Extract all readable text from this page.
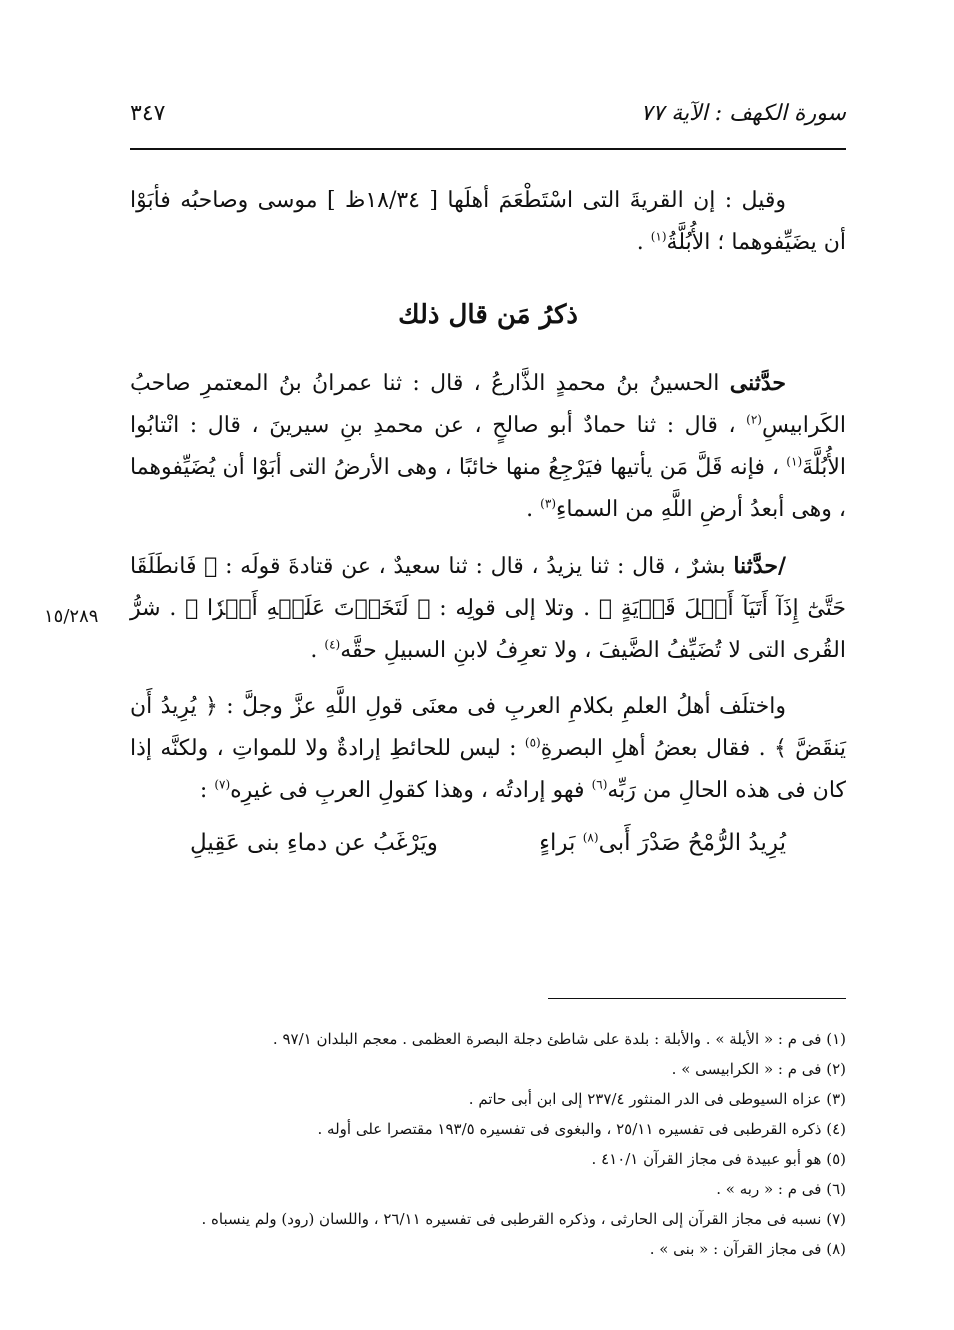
سورة الكهف : الآية ٧٧
٣٤٧
١٥/٢٨٩

وقيل : إن القريةَ التى اسْتَطْعَمَ أهلَها [ ١٨/٣٤ظ ] موسى وصاحبُه فأبَوْا أن يضَيِّفوهما ؛ الأُبُلَّةُ$^{(١)}$ .

ذكرُ مَن قال ذلك

حدَّثنى الحسينُ بنُ محمدٍ الذَّارعُ ، قال : ثنا عمرانُ بنُ المعتمرِ صاحبُ الكَرابيسِ$^{(٢)}$ ، قال : ثنا حمادٌ أبو صالحٍ ، عن محمدِ بنِ سيرينَ ، قال : انْتابُوا الأُبُلَّةَ$^{(١)}$ ، فإنه قَلَّ مَن يأتيها فيَرْجِعُ منها خائبًا ، وهى الأرضُ التى أبَوْا أن يُضَيِّفوهما ، وهى أبعدُ أرضِ اللَّهِ من السماءِ$^{(٣)}$ .

/حدَّثنا بشرٌ ، قال : ثنا يزيدُ ، قال : ثنا سعيدٌ ، عن قتادةَ قولَه : ﴿ فَانطَلَقَا حَتَّىٰٓ إِذَآ أَتَيَآ أَهۡلَ قَرۡيَةٍ ﴾ . وتلا إلى قولِه : ﴿ لَتَخَذۡتَ عَلَيۡهِ أَجۡرٗا ﴾ . شرُّ القُرى التى لا تُضَيِّفُ الضَّيفَ ، ولا تعرِفُ لابنِ السبيلِ حقَّه$^{(٤)}$ .

واختلَف أهلُ العلمِ بكلامِ العربِ فى معنَى قولِ اللَّهِ عزَّ وجلَّ : ﴿ يُرِيدُ أَن يَنقَضَّ ﴾ . فقال بعضُ أهلِ البصرةِ$^{(٥)}$ : ليس للحائطِ إرادةٌ ولا للمواتِ ، ولكنَّه إذا كان فى هذه الحالِ من رَبِّه$^{(٦)}$ فهو إرادتُه ، وهذا كقولِ العربِ فى غيرِه$^{(٧)}$ :

يُرِيدُ الرُّمْحُ صَدْرَ أَبى$^{(٨)}$ بَراءٍ
ويَرْغَبُ عن دماءِ بنى عَقِيلِ

(١) فى م : « الأيلة » . والأبلة : بلدة على شاطئ دجلة البصرة العظمى . معجم البلدان ٩٧/١ .

(٢) فى م : « الكرابيسى » .

(٣) عزاه السيوطى فى الدر المنثور ٢٣٧/٤ إلى ابن أبى حاتم .

(٤) ذكره القرطبى فى تفسيره ٢٥/١١ ، والبغوى فى تفسيره ١٩٣/٥ مقتصرا على أوله .

(٥) هو أبو عبيدة فى مجاز القرآن ٤١٠/١ .

(٦) فى م : « ربه » .

(٧) نسبه فى مجاز القرآن إلى الحارثى ، وذكره القرطبى فى تفسيره ٢٦/١١ ، واللسان (رود) ولم ينسباه .

(٨) فى مجاز القرآن : « بنى » .
